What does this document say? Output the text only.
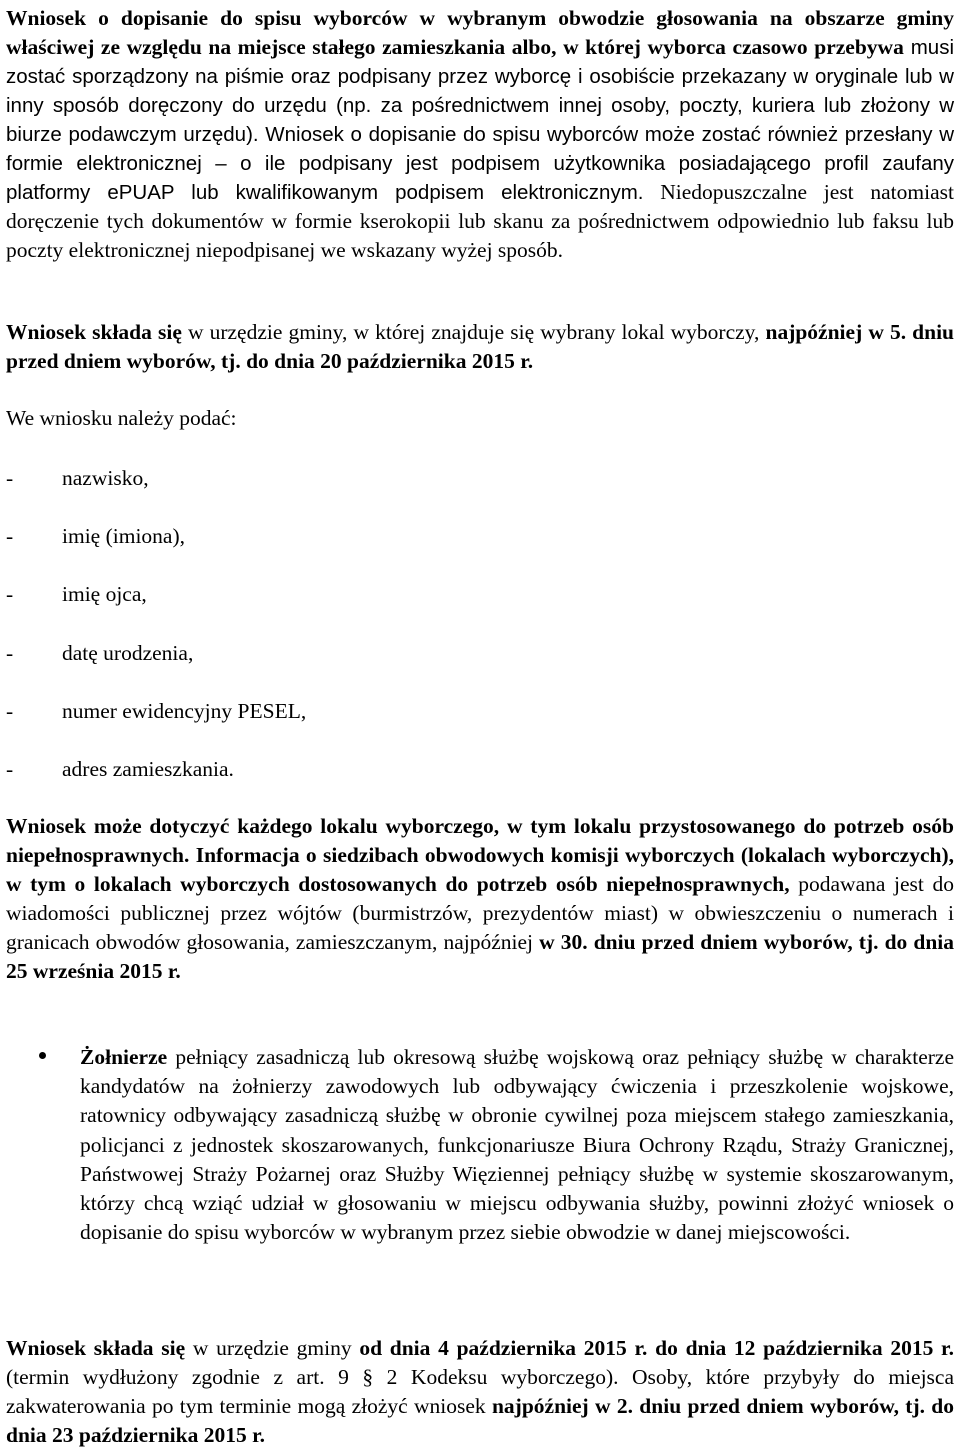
Wniosek o dopisanie do spisu wyborców w wybranym obwodzie głosowania na obszarze gminy właściwej ze względu na miejsce stałego zamieszkania albo, w której wyborca czasowo przebywa musi zostać sporządzony na piśmie oraz podpisany przez wyborcę i osobiście przekazany w oryginale lub w inny sposób doręczony do urzędu (np. za pośrednictwem innej osoby, poczty, kuriera lub złożony w biurze podawczym urzędu). Wniosek o dopisanie do spisu wyborców może zostać również przesłany w formie elektronicznej – o ile podpisany jest podpisem użytkownika posiadającego profil zaufany platformy ePUAP lub kwalifikowanym podpisem elektronicznym. Niedopuszczalne jest natomiast doręczenie tych dokumentów w formie kserokopii lub skanu za pośrednictwem odpowiednio lub faksu lub poczty elektronicznej niepodpisanej we wskazany wyżej sposób.
Wniosek składa się w urzędzie gminy, w której znajduje się wybrany lokal wyborczy, najpóźniej w 5. dniu przed dniem wyborów, tj. do dnia 20 października 2015 r.
We wniosku należy podać:
- nazwisko,
- imię (imiona),
- imię ojca,
- datę urodzenia,
- numer ewidencyjny PESEL,
- adres zamieszkania.
Wniosek może dotyczyć każdego lokalu wyborczego, w tym lokalu przystosowanego do potrzeb osób niepełnosprawnych. Informacja o siedzibach obwodowych komisji wyborczych (lokalach wyborczych), w tym o lokalach wyborczych dostosowanych do potrzeb osób niepełnosprawnych, podawana jest do wiadomości publicznej przez wójtów (burmistrzów, prezydentów miast) w obwieszczeniu o numerach i granicach obwodów głosowania, zamieszczanym, najpóźniej w 30. dniu przed dniem wyborów, tj. do dnia 25 września 2015 r.
Żołnierze pełniący zasadniczą lub okresową służbę wojskową oraz pełniący służbę w charakterze kandydatów na żołnierzy zawodowych lub odbywający ćwiczenia i przeszkolenie wojskowe, ratownicy odbywający zasadniczą służbę w obronie cywilnej poza miejscem stałego zamieszkania, policjanci z jednostek skoszarowanych, funkcjonariusze Biura Ochrony Rządu, Straży Granicznej, Państwowej Straży Pożarnej oraz Służby Więziennej pełniący służbę w systemie skoszarowanym, którzy chcą wziąć udział w głosowaniu w miejscu odbywania służby, powinni złożyć wniosek o dopisanie do spisu wyborców w wybranym przez siebie obwodzie w danej miejscowości.
Wniosek składa się w urzędzie gminy od dnia 4 października 2015 r. do dnia 12 października 2015 r. (termin wydłużony zgodnie z art. 9 § 2 Kodeksu wyborczego). Osoby, które przybyły do miejsca zakwaterowania po tym terminie mogą złożyć wniosek najpóźniej w 2. dniu przed dniem wyborów, tj. do dnia 23 października 2015 r.
